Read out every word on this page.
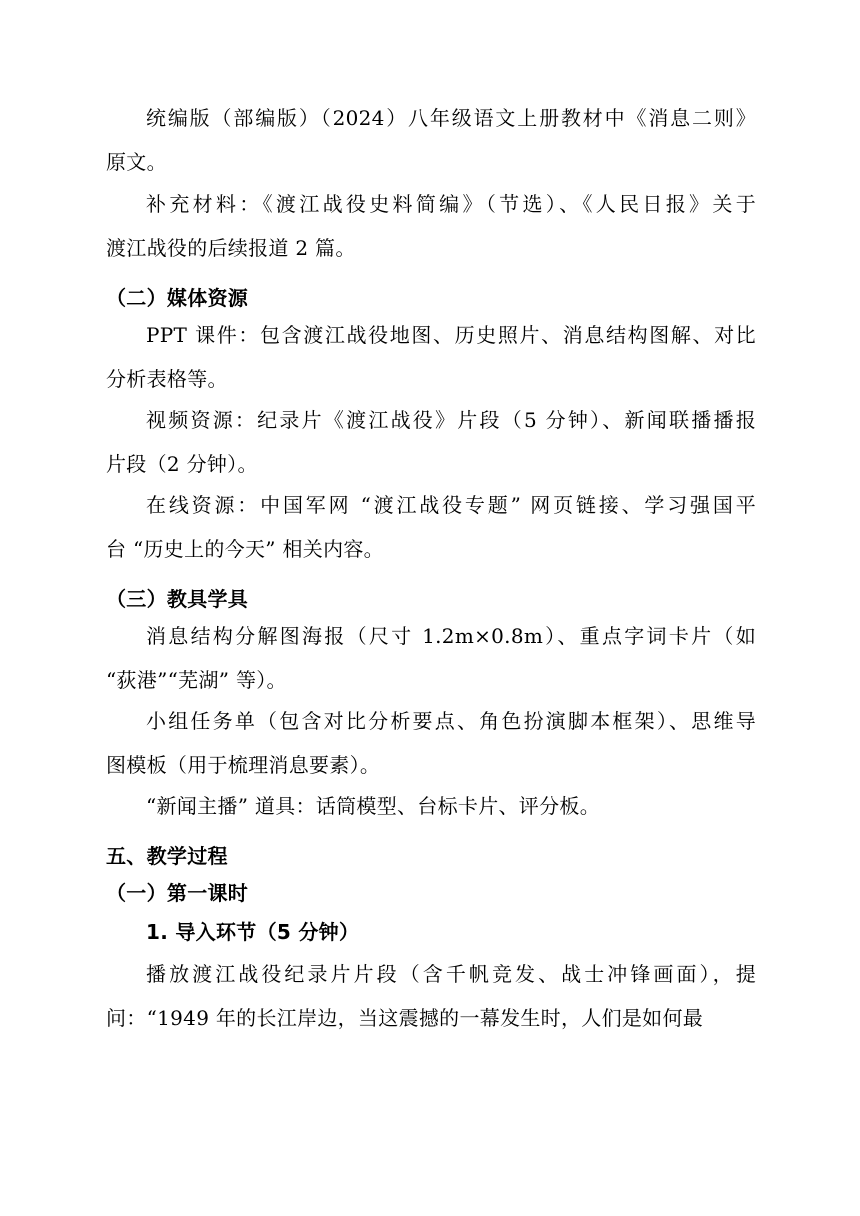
统编版（部编版）（2024）八年级语文上册教材中《消息二则》
原文。
补充材料：《渡江战役史料简编》（节选）、《人民日报》关于
渡江战役的后续报道 2 篇。
（二）媒体资源
PPT 课件：包含渡江战役地图、历史照片、消息结构图解、对比
分析表格等。
视频资源：纪录片《渡江战役》片段（5 分钟）、新闻联播播报
片段（2 分钟）。
在线资源：中国军网 “渡江战役专题” 网页链接、学习强国平
台 “历史上的今天” 相关内容。
（三）教具学具
消息结构分解图海报（尺寸 1.2m×0.8m）、重点字词卡片（如
“荻港”“芜湖” 等）。
小组任务单（包含对比分析要点、角色扮演脚本框架）、思维导
图模板（用于梳理消息要素）。
“新闻主播” 道具：话筒模型、台标卡片、评分板。
五、教学过程
（一）第一课时
1. 导入环节（5 分钟）
播放渡江战役纪录片片段（含千帆竞发、战士冲锋画面），提
问：“1949 年的长江岸边，当这震撼的一幕发生时，人们是如何最
